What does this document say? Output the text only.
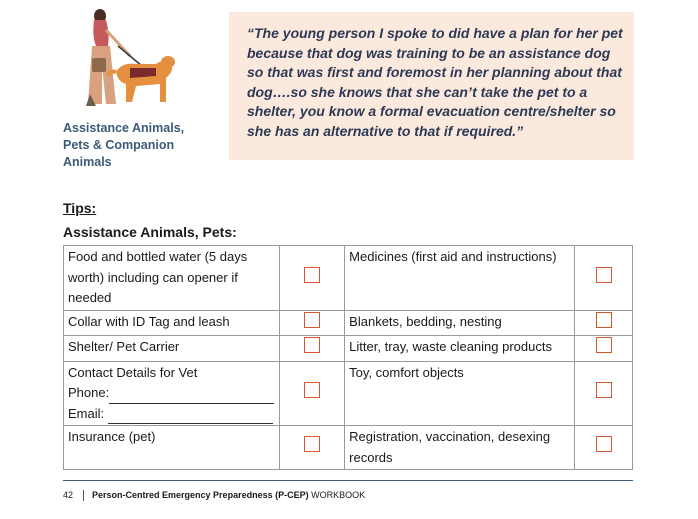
Assistance Animals,
Pets & Companion
Animals
“The young person I spoke to did have a plan for her pet because that dog was training to be an assistance dog so that was first and foremost in her planning about that dog….so she knows that she can’t take the pet to a shelter, you know a formal evacuation centre/shelter so she has an alternative to that if required.”
Tips:
Assistance Animals, Pets:
Food and bottled water (5 days
worth) including can opener if
needed		Medicines (first aid and instructions)	

Collar with ID Tag and leash		Blankets, bedding, nesting	

Shelter/ Pet Carrier		Litter, tray, waste cleaning products	

Contact Details for Vet
Phone:
Email:		Toy, comfort objects	

Insurance (pet)		Registration, vaccination, desexing
records	

42 Person-Centred Emergency Preparedness (P-CEP) WORKBOOK
